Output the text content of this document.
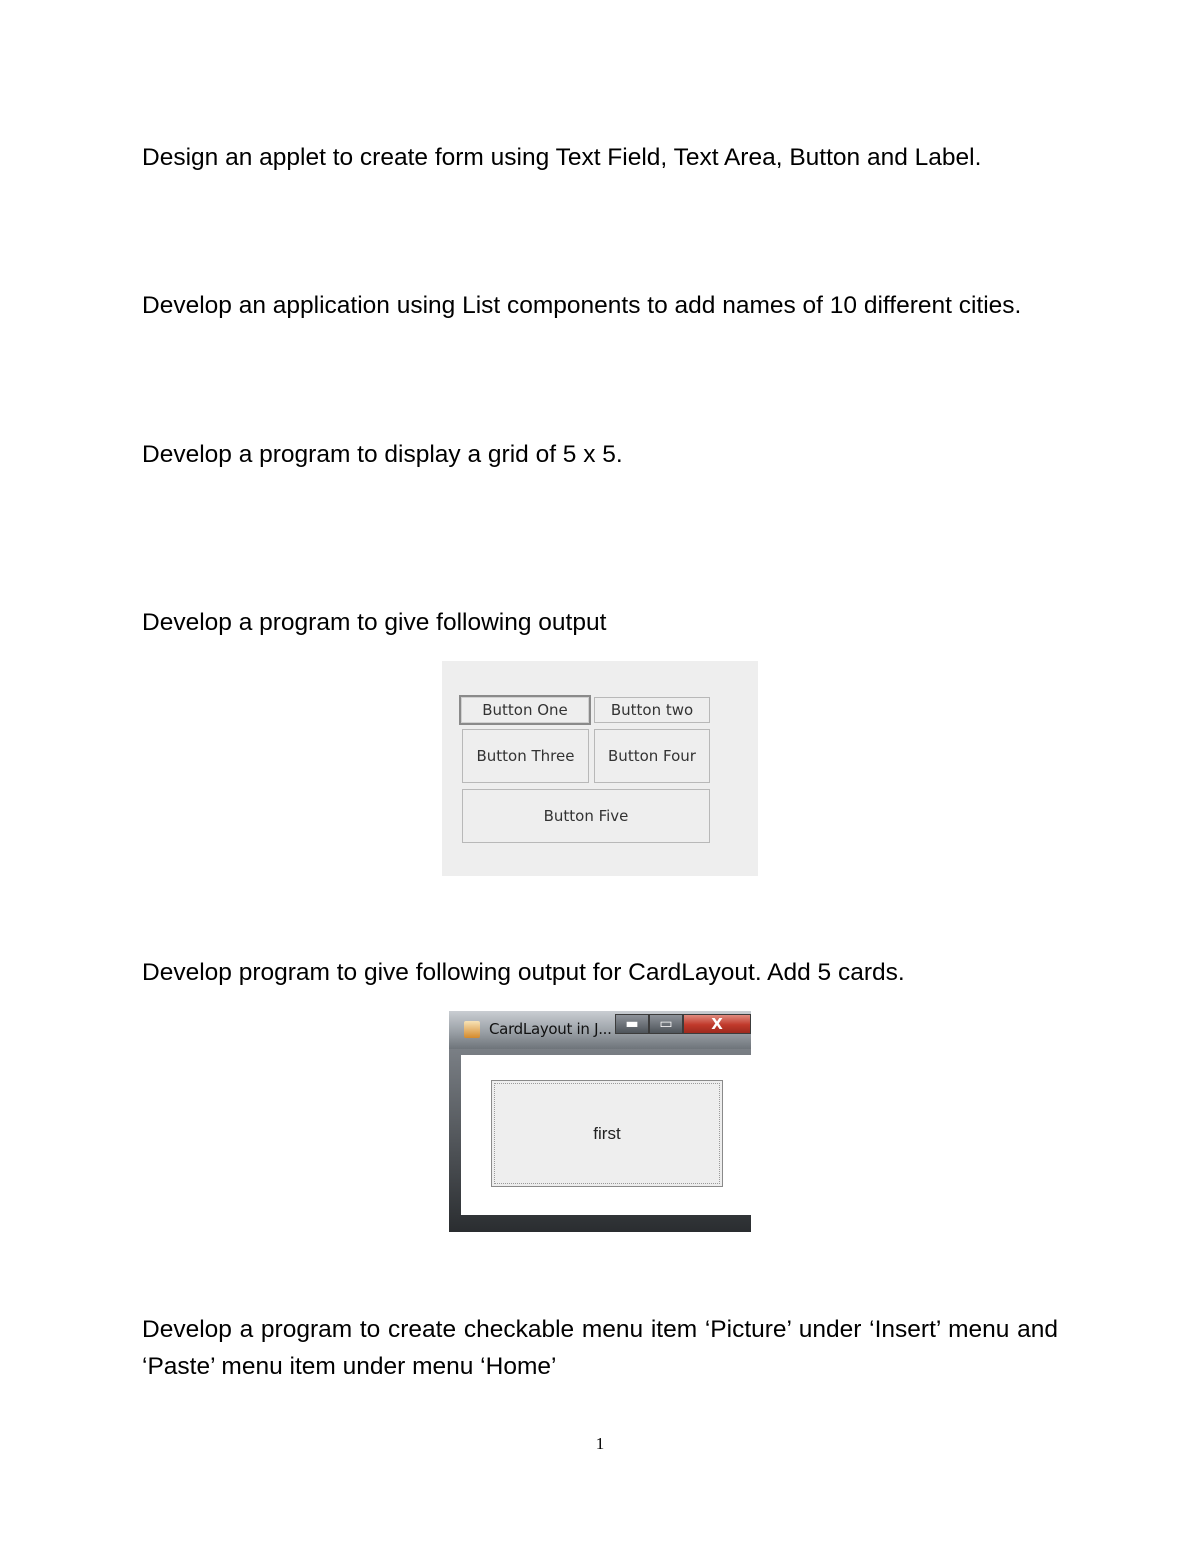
Design an applet to create form using Text Field, Text Area, Button and Label.

Develop an application using List components to add names of 10 different cities.

Develop a program to display a grid of 5 x 5.

Develop a program to give following output

Button One	Button two
Button Three	Button Four
Button Five

Develop program to give following output for CardLayout. Add 5 cards.

CardLayout in J... ▬ ▭	X
first

Develop a program to create checkable menu item ‘Picture’ under ‘Insert’ menu and ‘Paste’ menu item under menu ‘Home’

1
